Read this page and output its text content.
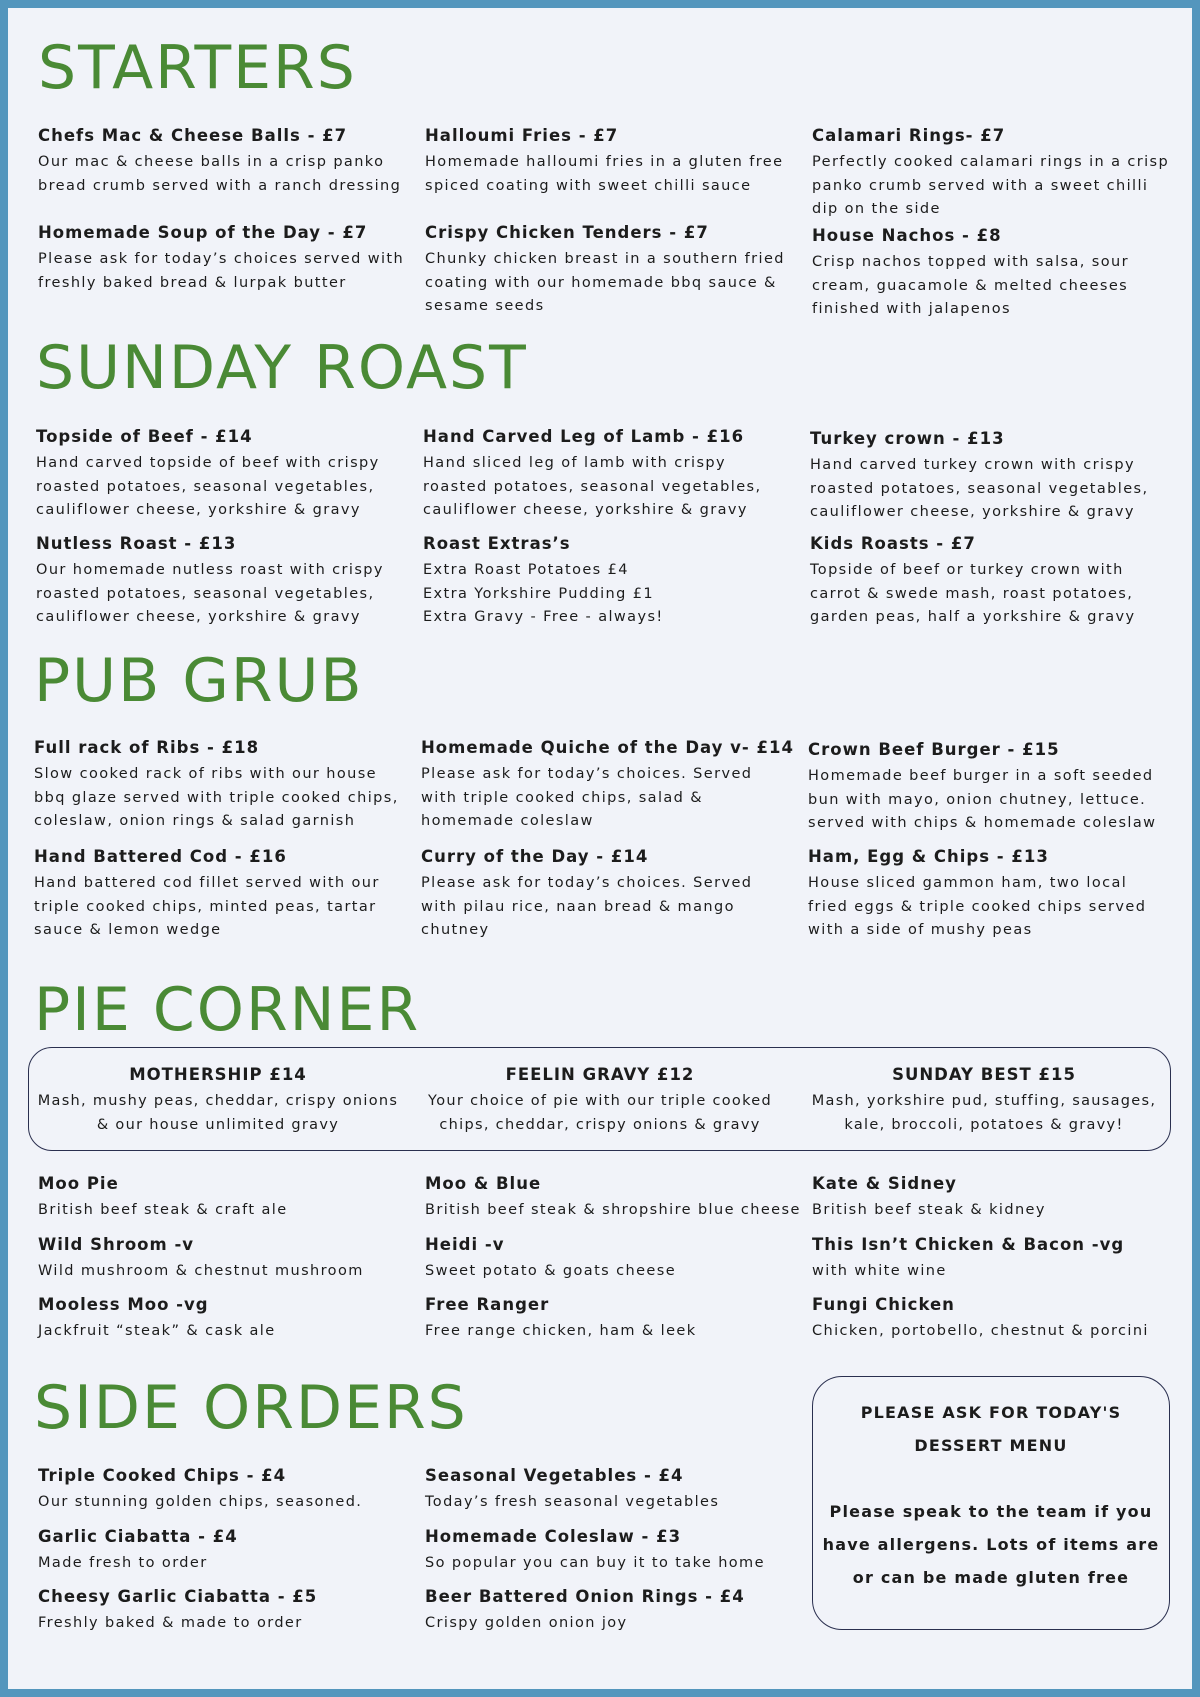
STARTERS
Chefs Mac & Cheese Balls - £7
Our mac & cheese balls in a crisp panko
bread crumb served with a ranch dressing
Halloumi Fries - £7
Homemade halloumi fries in a gluten free
spiced coating with sweet chilli sauce
Calamari Rings- £7
Perfectly cooked calamari rings in a crisp
panko crumb served with a sweet chilli
dip on the side
Homemade Soup of the Day - £7
Please ask for today’s choices served with
freshly baked bread & lurpak butter
Crispy Chicken Tenders - £7
Chunky chicken breast in a southern fried
coating with our homemade bbq sauce &
sesame seeds
House Nachos - £8
Crisp nachos topped with salsa, sour
cream, guacamole & melted cheeses
finished with jalapenos
SUNDAY ROAST
Topside of Beef - £14
Hand carved topside of beef with crispy
roasted potatoes, seasonal vegetables,
cauliflower cheese, yorkshire & gravy
Hand Carved Leg of Lamb - £16
Hand sliced leg of lamb with crispy
roasted potatoes, seasonal vegetables,
cauliflower cheese, yorkshire & gravy
Turkey crown - £13
Hand carved turkey crown with crispy
roasted potatoes, seasonal vegetables,
cauliflower cheese, yorkshire & gravy
Nutless Roast - £13
Our homemade nutless roast with crispy
roasted potatoes, seasonal vegetables,
cauliflower cheese, yorkshire & gravy
Roast Extras’s
Extra Roast Potatoes £4
Extra Yorkshire Pudding £1
Extra Gravy - Free - always!
Kids Roasts - £7
Topside of beef or turkey crown with
carrot & swede mash, roast potatoes,
garden peas, half a yorkshire & gravy
PUB GRUB
Full rack of Ribs - £18
Slow cooked rack of ribs with our house
bbq glaze served with triple cooked chips,
coleslaw, onion rings & salad garnish
Homemade Quiche of the Day v- £14
Please ask for today’s choices. Served
with triple cooked chips, salad &
homemade coleslaw
Crown Beef Burger - £15
Homemade beef burger in a soft seeded
bun with mayo, onion chutney, lettuce.
served with chips & homemade coleslaw
Hand Battered Cod - £16
Hand battered cod fillet served with our
triple cooked chips, minted peas, tartar
sauce & lemon wedge
Curry of the Day - £14
Please ask for today’s choices. Served
with pilau rice, naan bread & mango
chutney
Ham, Egg & Chips - £13
House sliced gammon ham, two local
fried eggs & triple cooked chips served
with a side of mushy peas
PIE CORNER
MOTHERSHIP £14
Mash, mushy peas, cheddar, crispy onions
& our house unlimited gravy
FEELIN GRAVY £12
Your choice of pie with our triple cooked
chips, cheddar, crispy onions & gravy
SUNDAY BEST £15
Mash, yorkshire pud, stuffing, sausages,
kale, broccoli, potatoes & gravy!
Moo Pie
British beef steak & craft ale
Moo & Blue
British beef steak & shropshire blue cheese
Kate & Sidney
British beef steak & kidney
Wild Shroom -v
Wild mushroom & chestnut mushroom
Heidi -v
Sweet potato & goats cheese
This Isn’t Chicken & Bacon -vg
with white wine
Mooless Moo -vg
Jackfruit “steak” & cask ale
Free Ranger
Free range chicken, ham & leek
Fungi Chicken
Chicken, portobello, chestnut & porcini
SIDE ORDERS
Triple Cooked Chips - £4
Our stunning golden chips, seasoned.
Seasonal Vegetables - £4
Today’s fresh seasonal vegetables
Garlic Ciabatta - £4
Made fresh to order
Homemade Coleslaw - £3
So popular you can buy it to take home
Cheesy Garlic Ciabatta - £5
Freshly baked & made to order
Beer Battered Onion Rings - £4
Crispy golden onion joy
PLEASE ASK FOR TODAY'S
DESSERT MENU
Please speak to the team if you
have allergens. Lots of items are
or can be made gluten free
